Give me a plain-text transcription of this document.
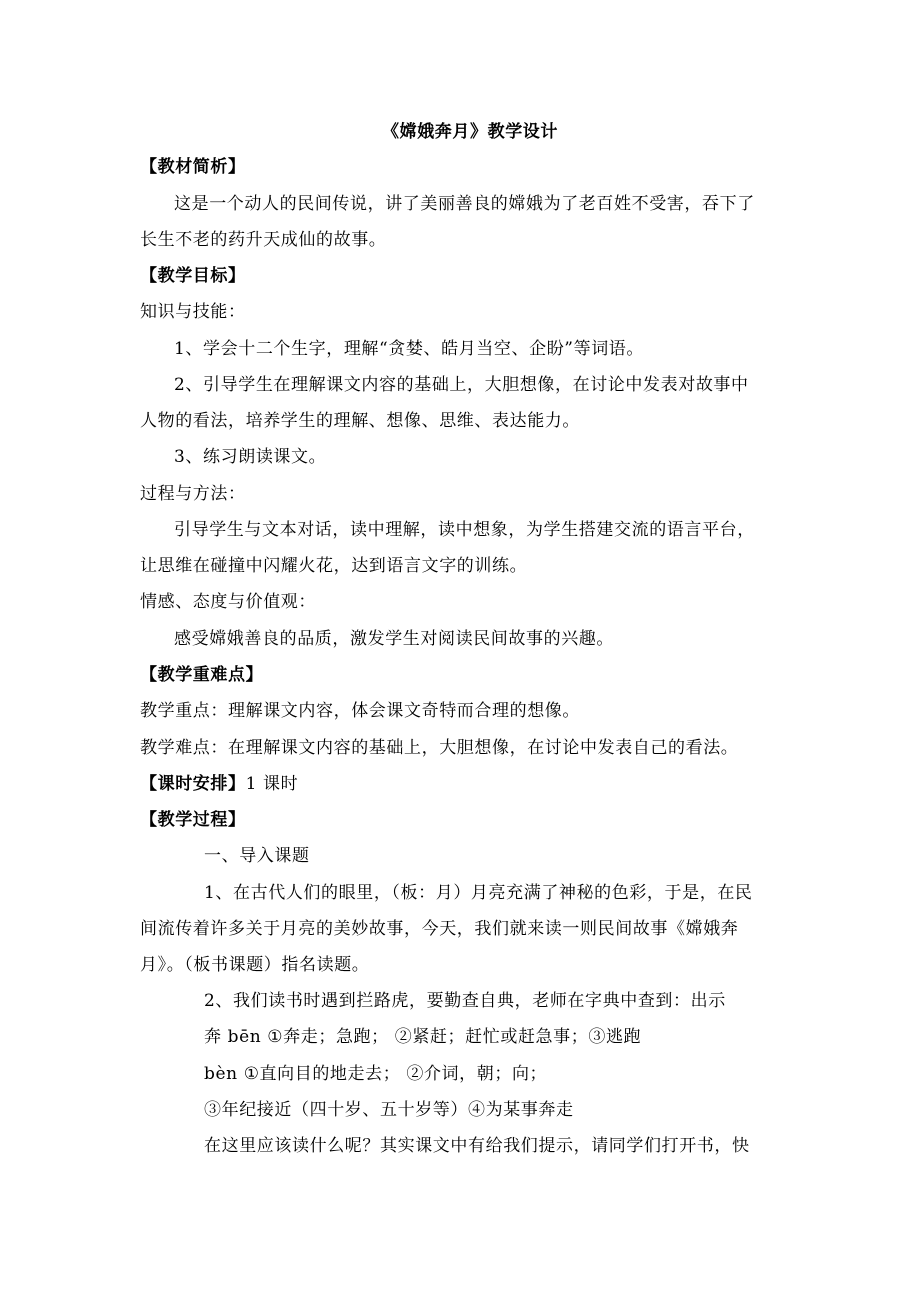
《嫦娥奔月》教学设计
【教材简析】
这是一个动人的民间传说，讲了美丽善良的嫦娥为了老百姓不受害，吞下了
长生不老的药升天成仙的故事。
【教学目标】
知识与技能：
1、学会十二个生字，理解“贪婪、皓月当空、企盼”等词语。
2、引导学生在理解课文内容的基础上，大胆想像，在讨论中发表对故事中
人物的看法，培养学生的理解、想像、思维、表达能力。
3、练习朗读课文。
过程与方法：
引导学生与文本对话，读中理解，读中想象，为学生搭建交流的语言平台，
让思维在碰撞中闪耀火花，达到语言文字的训练。
情感、态度与价值观：
感受嫦娥善良的品质，激发学生对阅读民间故事的兴趣。
【教学重难点】
教学重点：理解课文内容，体会课文奇特而合理的想像。
教学难点：在理解课文内容的基础上，大胆想像，在讨论中发表自己的看法。
【课时安排】1 课时
【教学过程】
一、导入课题
1、在古代人们的眼里，（板：月）月亮充满了神秘的色彩，于是，在民
间流传着许多关于月亮的美妙故事，今天，我们就来读一则民间故事《嫦娥奔
月》。（板书课题）指名读题。
2、我们读书时遇到拦路虎，要勤查自典，老师在字典中查到：出示
奔 bēn ①奔走；急跑； ②紧赶；赶忙或赶急事；③逃跑
bèn ①直向目的地走去； ②介词，朝；向；
③年纪接近（四十岁、五十岁等）④为某事奔走
在这里应该读什么呢？其实课文中有给我们提示，请同学们打开书，快
